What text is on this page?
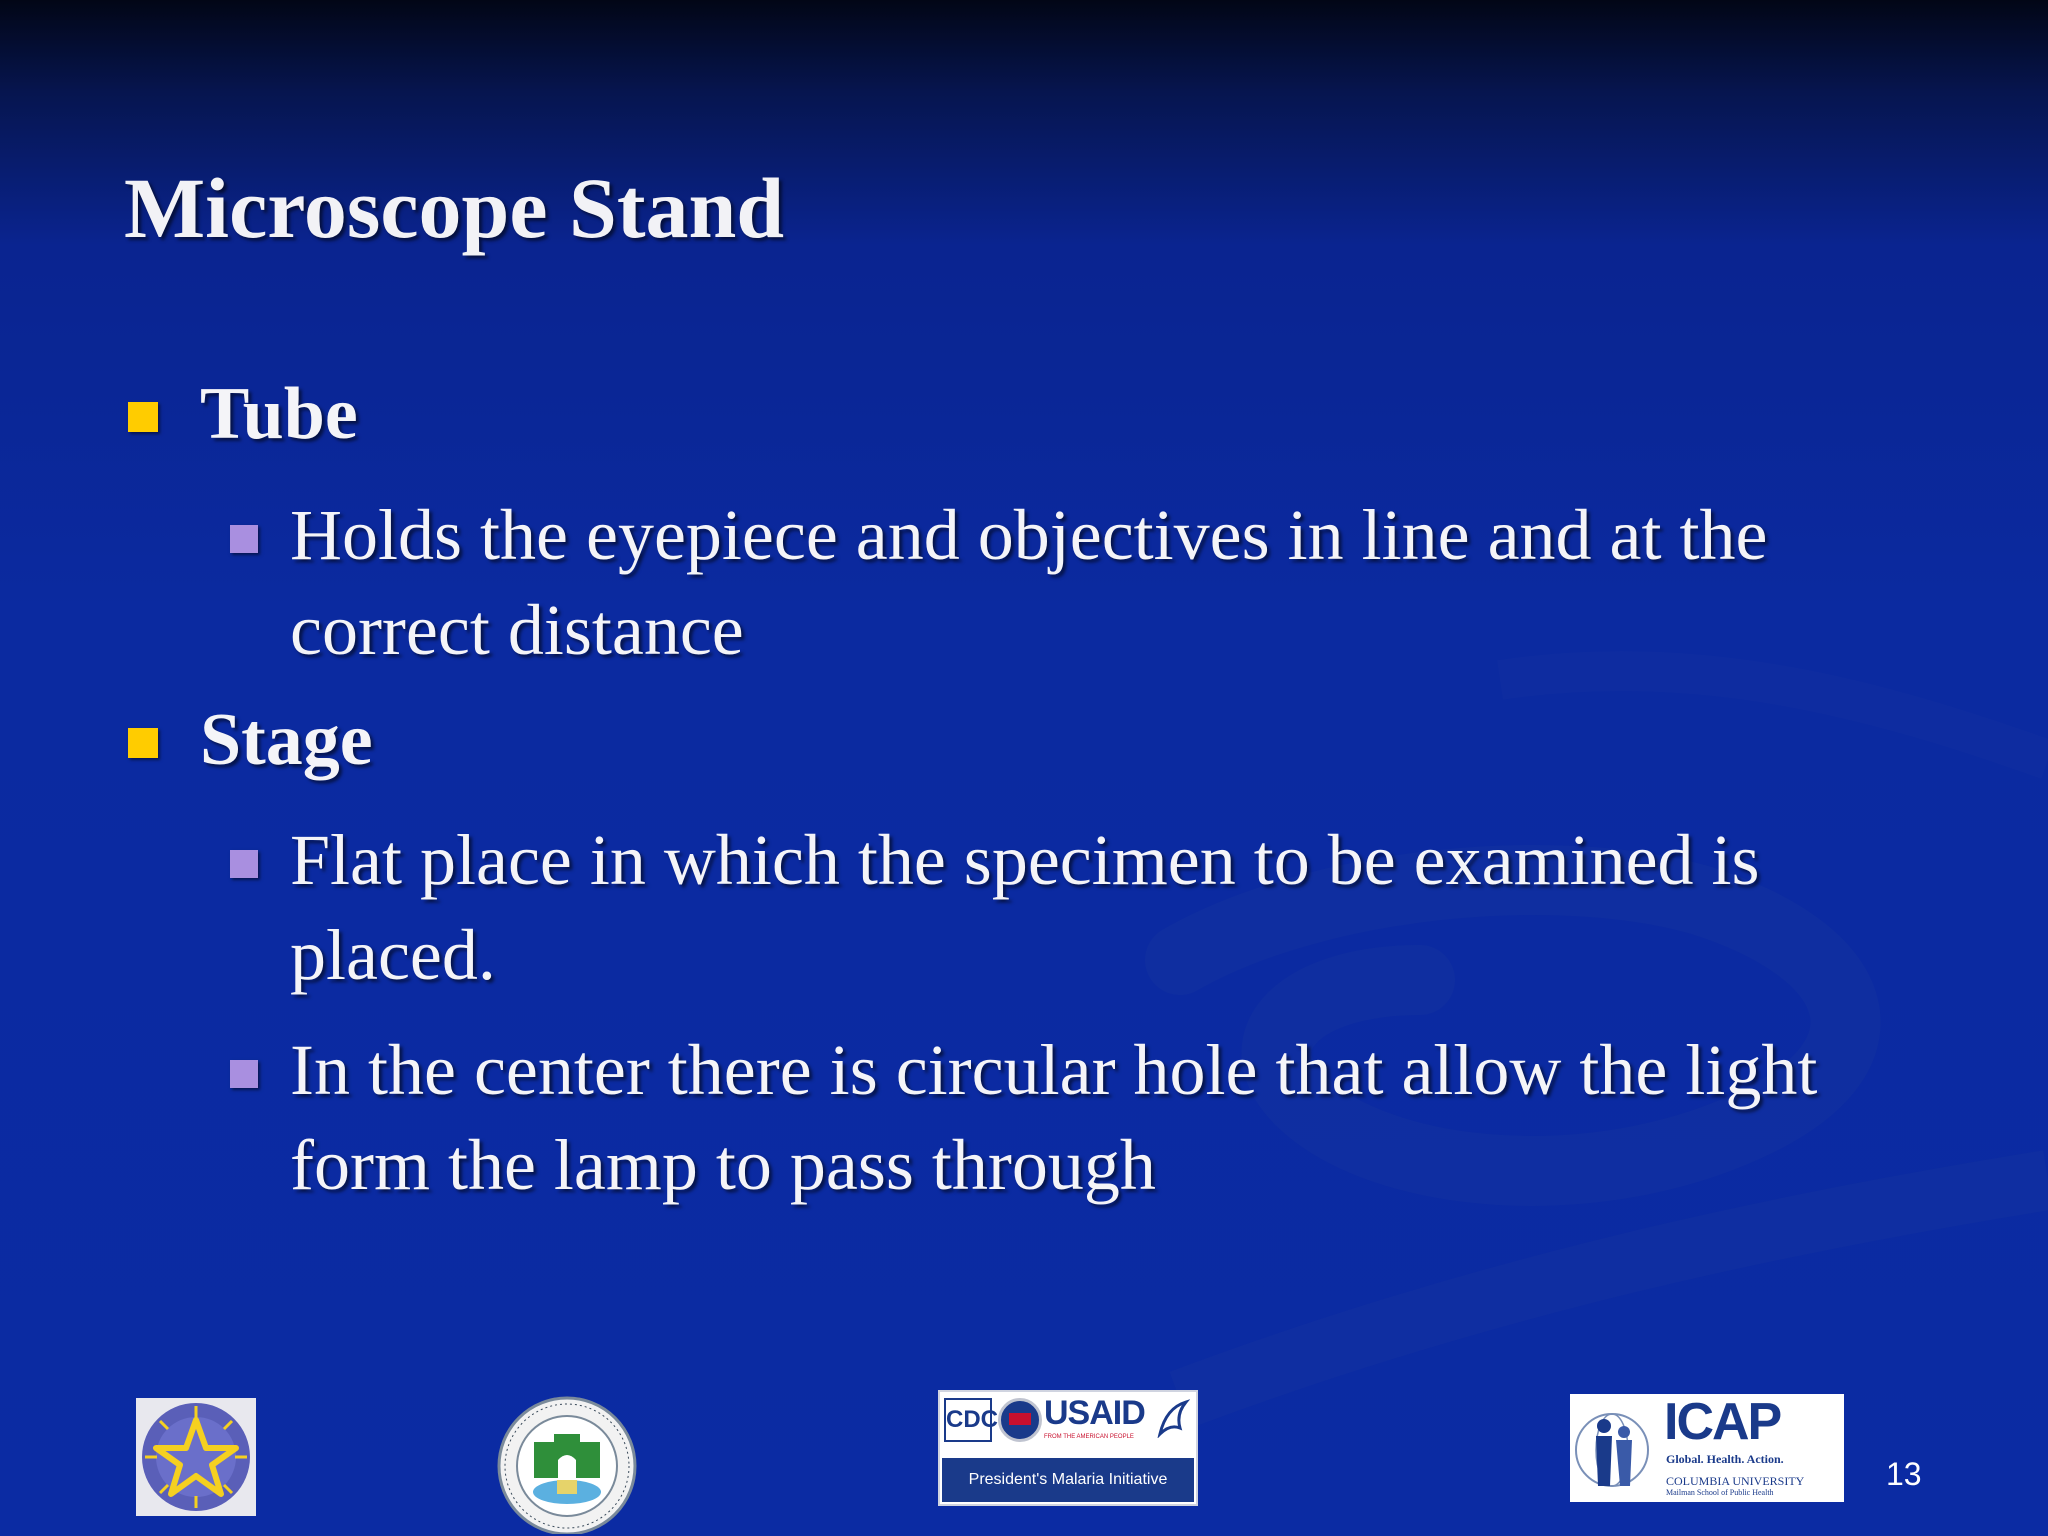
Microscope Stand
Tube
Holds the eyepiece and objectives in line and at the correct distance
Stage
Flat place in which the specimen to be examined is placed.
In the center there is circular hole that allow the light form the lamp to pass through
CDC USAID
FROM THE AMERICAN PEOPLE
President's Malaria Initiative
ICAP
Global. Health. Action.
COLUMBIA UNIVERSITY
Mailman School of Public Health
13
